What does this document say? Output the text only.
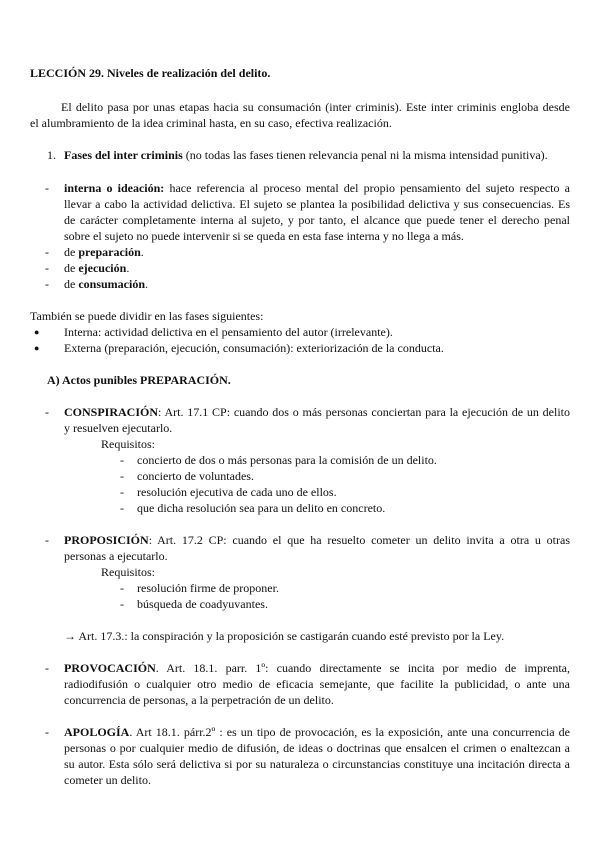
LECCIÓN 29. Niveles de realización del delito.
El delito pasa por unas etapas hacia su consumación (inter criminis). Este inter criminis engloba desde
el alumbramiento de la idea criminal hasta, en su caso, efectiva realización.
1. Fases del inter criminis (no todas las fases tienen relevancia penal ni la misma intensidad punitiva).
-	interna o ideación: hace referencia al proceso mental del propio pensamiento del sujeto respecto a
llevar a cabo la actividad delictiva. El sujeto se plantea la posibilidad delictiva y sus consecuencias. Es
de carácter completamente interna al sujeto, y por tanto, el alcance que puede tener el derecho penal
sobre el sujeto no puede intervenir si se queda en esta fase interna y no llega a más.
-	de preparación.
-	de ejecución.
-	de consumación.
También se puede dividir en las fases siguientes:
● Interna: actividad delictiva en el pensamiento del autor (irrelevante).
● Externa (preparación, ejecución, consumación): exteriorización de la conducta.
A) Actos punibles PREPARACIÓN.
-	CONSPIRACIÓN: Art. 17.1 CP: cuando dos o más personas conciertan para la ejecución de un delito
y resuelven ejecutarlo.
Requisitos:
-	concierto de dos o más personas para la comisión de un delito.
-	concierto de voluntades.
-	resolución ejecutiva de cada uno de ellos.
-	que dicha resolución sea para un delito en concreto.
-	PROPOSICIÓN: Art. 17.2 CP: cuando el que ha resuelto cometer un delito invita a otra u otras
personas a ejecutarlo.
Requisitos:
-	resolución firme de proponer.
-	búsqueda de coadyuvantes.
→ Art. 17.3.: la conspiración y la proposición se castigarán cuando esté previsto por la Ley.
-	PROVOCACIÓN. Art. 18.1. parr. 1º: cuando directamente se incita por medio de imprenta,
radiodifusión o cualquier otro medio de eficacia semejante, que facilite la publicidad, o ante una
concurrencia de personas, a la perpetración de un delito.
-	APOLOGÍA. Art 18.1. párr.2º : es un tipo de provocación, es la exposición, ante una concurrencia de
personas o por cualquier medio de difusión, de ideas o doctrinas que ensalcen el crimen o enaltezcan a
su autor. Esta sólo será delictiva si por su naturaleza o circunstancias constituye una incitación directa a
cometer un delito.
